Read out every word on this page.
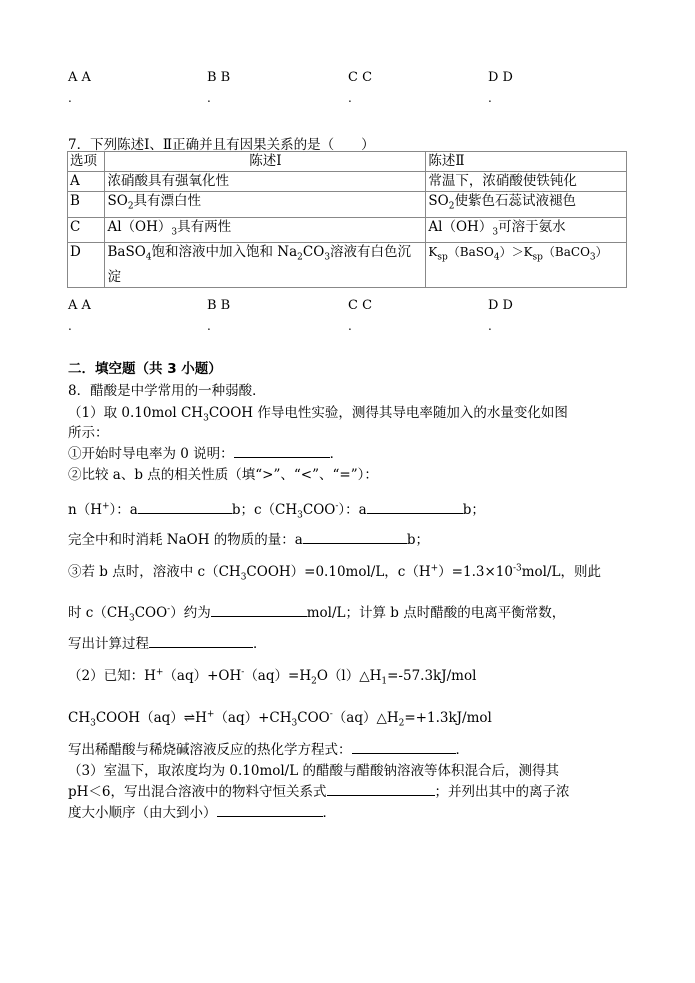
A A
.
B B
.
C C
.
D D
.
7．下列陈述Ⅰ、Ⅱ正确并且有因果关系的是（　　）
选项	陈述Ⅰ	陈述Ⅱ
A	浓硝酸具有强氧化性	常温下，浓硝酸使铁钝化
B	$SO_2$具有漂白性	$SO_2$使紫色石蕊试液褪色
C	$Al(OH)_3$具有两性	$Al(OH)_3$可溶于氨水
D	BaSO$_4$饱和溶液中加入饱和 $Na_2CO_3$溶液有白色沉淀	$K_{sp}(BaSO_4)>K_{sp}(BaCO_3)$
A A
.
B B
.
C C
.
D D
.
二．填空题（共 3 小题）
8．醋酸是中学常用的一种弱酸．
（1）取 0.10mol $CH_3COOH$ 作导电性实验，测得其导电率随加入的水量变化如图
所示：
①开始时导电率为 0 说明：	．
②比较 a、b 点的相关性质（填“>”、“<”、“=”）：
n（H+）：a	b；$c(CH_3COO^-)$：a	b；
完全中和时消耗 NaOH 的物质的量：a	b；
③若 b 点时，溶液中 $c(CH_3COOH)=0.10mol/L$，$c(H^+)=1.3\times 10^{-3}mol/L$，则此
时 $c(CH_3COO^-)$约为	mol/L；计算 b 点时醋酸的电离平衡常数，
写出计算过程	．
（2）已知：$H^+(aq)+OH^-(aq)=H_2O(l)\triangle H_1=-57.3kJ$/mol
$CH_3COOH(aq)\rightleftharpoons H^+(aq)+CH_3COO^-(aq)\triangle H_2=+1.3kJ$/mol
写出稀醋酸与稀烧碱溶液反应的热化学方程式：	．
（3）室温下，取浓度均为 0.10mol/L 的醋酸与醋酸钠溶液等体积混合后，测得其
pH＜6，写出混合溶液中的物料守恒关系式	；并列出其中的离子浓
度大小顺序（由大到小）	．
